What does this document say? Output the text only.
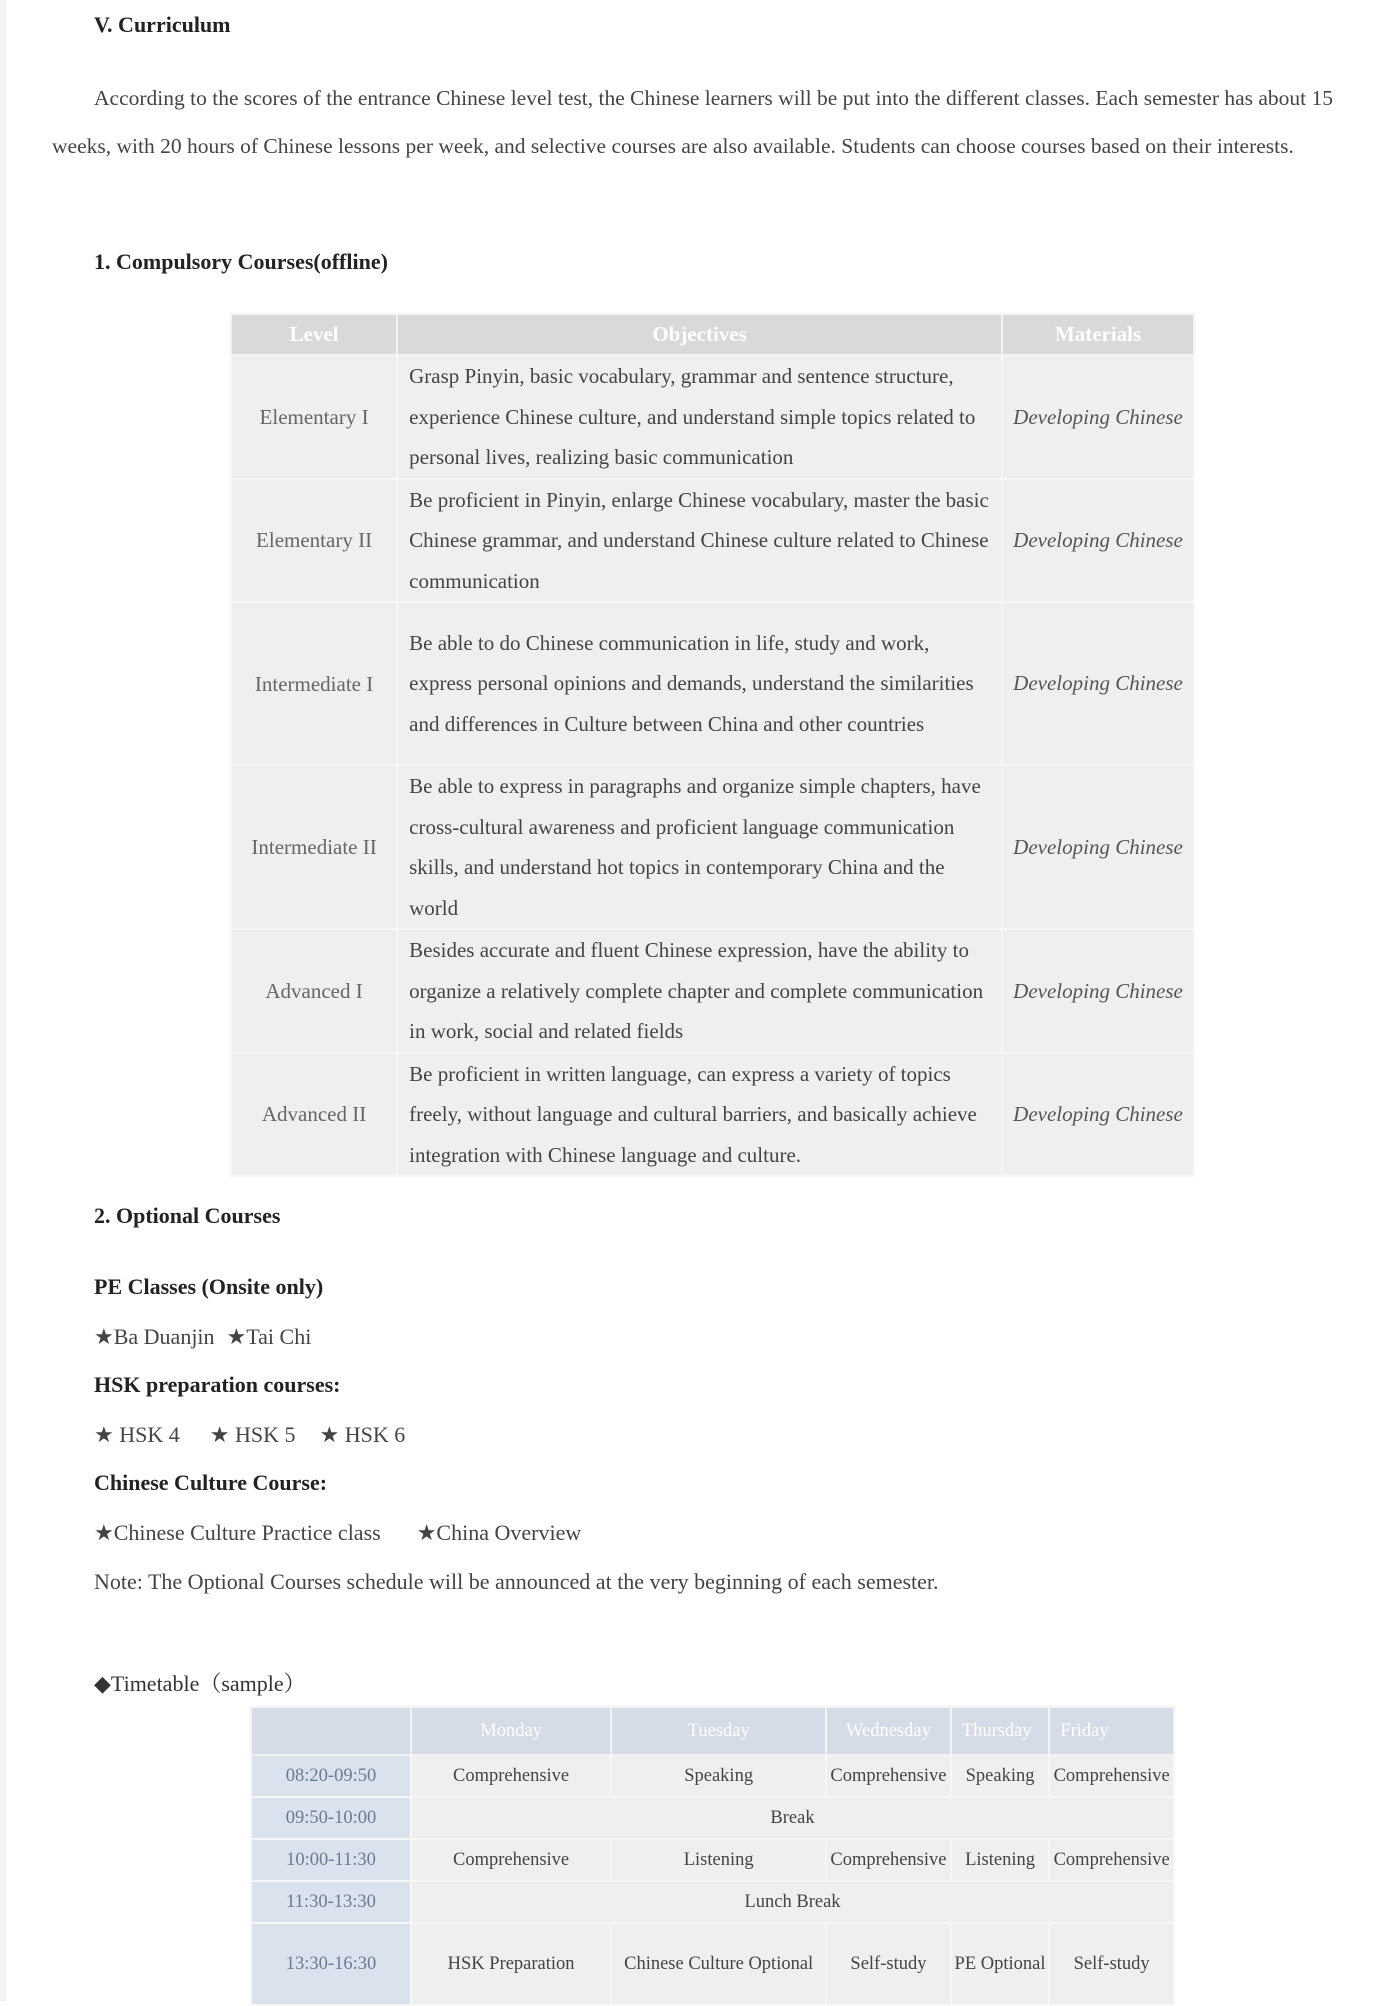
V. Curriculum
According to the scores of the entrance Chinese level test, the Chinese learners will be put into the different classes. Each semester has about 15 weeks, with 20 hours of Chinese lessons per week, and selective courses are also available. Students can choose courses based on their interests.
1. Compulsory Courses(offline)
Level	Objectives	Materials
Elementary I	Grasp Pinyin, basic vocabulary, grammar and sentence structure, experience Chinese culture, and understand simple topics related to personal lives, realizing basic communication	Developing Chinese
Elementary II	Be proficient in Pinyin, enlarge Chinese vocabulary, master the basic Chinese grammar, and understand Chinese culture related to Chinese communication	Developing Chinese
Intermediate I	Be able to do Chinese communication in life, study and work, express personal opinions and demands, understand the similarities and differences in Culture between China and other countries	Developing Chinese
Intermediate II	Be able to express in paragraphs and organize simple chapters, have cross-cultural awareness and proficient language communication skills, and understand hot topics in contemporary China and the world	Developing Chinese
Advanced I	Besides accurate and fluent Chinese expression, have the ability to organize a relatively complete chapter and complete communication in work, social and related fields	Developing Chinese
Advanced II	Be proficient in written language, can express a variety of topics freely, without language and cultural barriers, and basically achieve integration with Chinese language and culture.	Developing Chinese
2. Optional Courses
PE Classes (Onsite only)
★Ba Duanjin ★Tai Chi
HSK preparation courses:
★ HSK 4 ★ HSK 5 ★ HSK 6
Chinese Culture Course:
★Chinese Culture Practice class ★China Overview
Note: The Optional Courses schedule will be announced at the very beginning of each semester.
◆Timetable（sample）
	Monday	Tuesday	Wednesday	Thursday	Friday
08:20-09:50	Comprehensive	Speaking	Comprehensive	Speaking	Comprehensive
09:50-10:00	Break				
10:00-11:30	Comprehensive	Listening	Comprehensive	Listening	Comprehensive
11:30-13:30	Lunch Break				
13:30-16:30	HSK Preparation	Chinese Culture Optional	Self-study	PE Optional	Self-study
